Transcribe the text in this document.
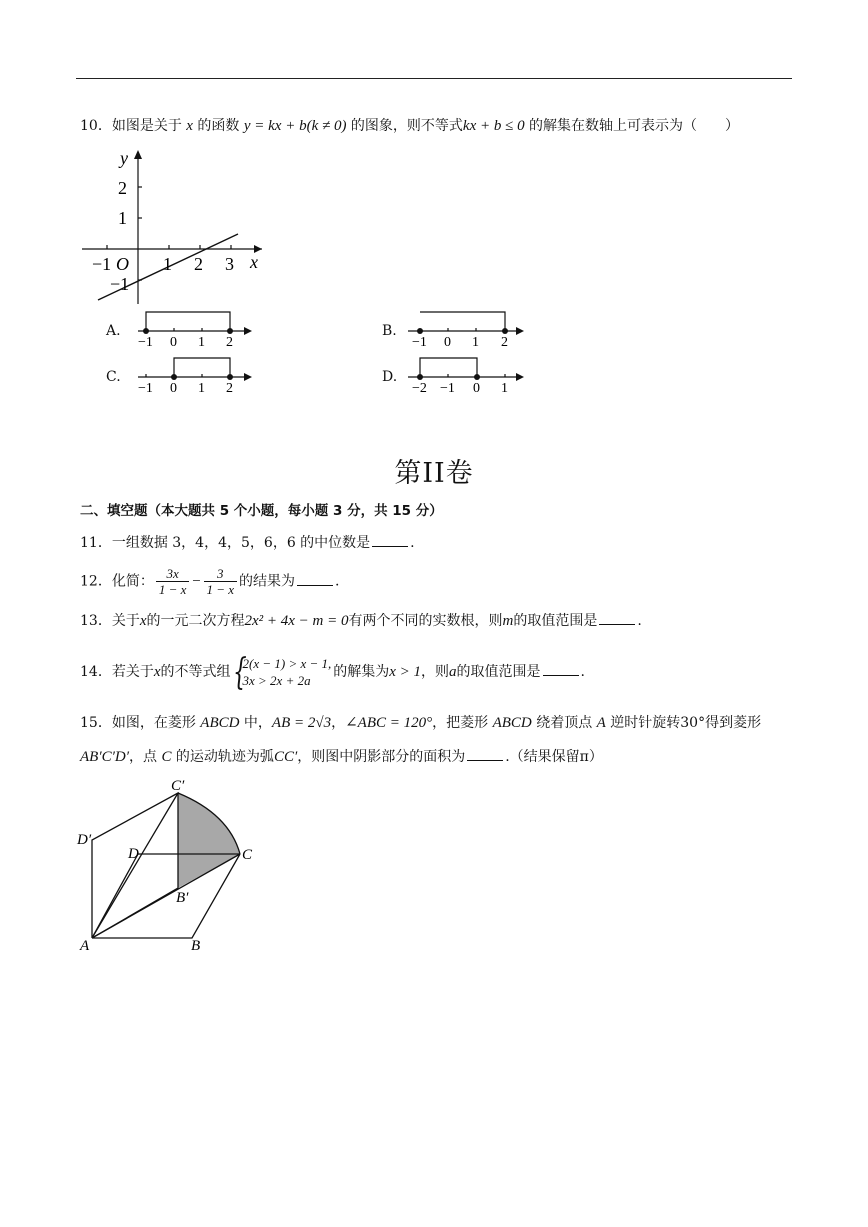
10．如图是关于 x 的函数 y = kx + b(k ≠ 0) 的图象，则不等式kx + b ≤ 0 的解集在数轴上可表示为（　　）
y
x
O
−1	1 2 3
2
1
−1
A.
−1 0 1 2
B.
−1 0 1 2
C.
−1 0 1 2
D.
−2 −1 0 1
第II卷
二、填空题（本大题共 5 个小题，每小题 3 分，共 15 分）
11．一组数据 3，4，4，5，6，6 的中位数是	.
12．化简： $\frac{3x}{1 - x} - \frac{3}{1 - x}$ 的结果为	.
13．关于x的一元二次方程2x² + 4x − m = 0有两个不同的实数根，则m的取值范围是	.
14．若关于x的不等式组 {
2(x − 1) > x − 1,
3x > 2x + 2a
的解集为x > 1，则a的取值范围是	.
15．如图，在菱形 ABCD 中，AB = 2√3，∠ABC = 120°，把菱形 ABCD 绕着顶点 A 逆时针旋转30°得到菱形
AB′C′D′，点 C 的运动轨迹为弧CC′，则图中阴影部分的面积为	.（结果保留π）
A	B
C
D
C′
D′
B′
